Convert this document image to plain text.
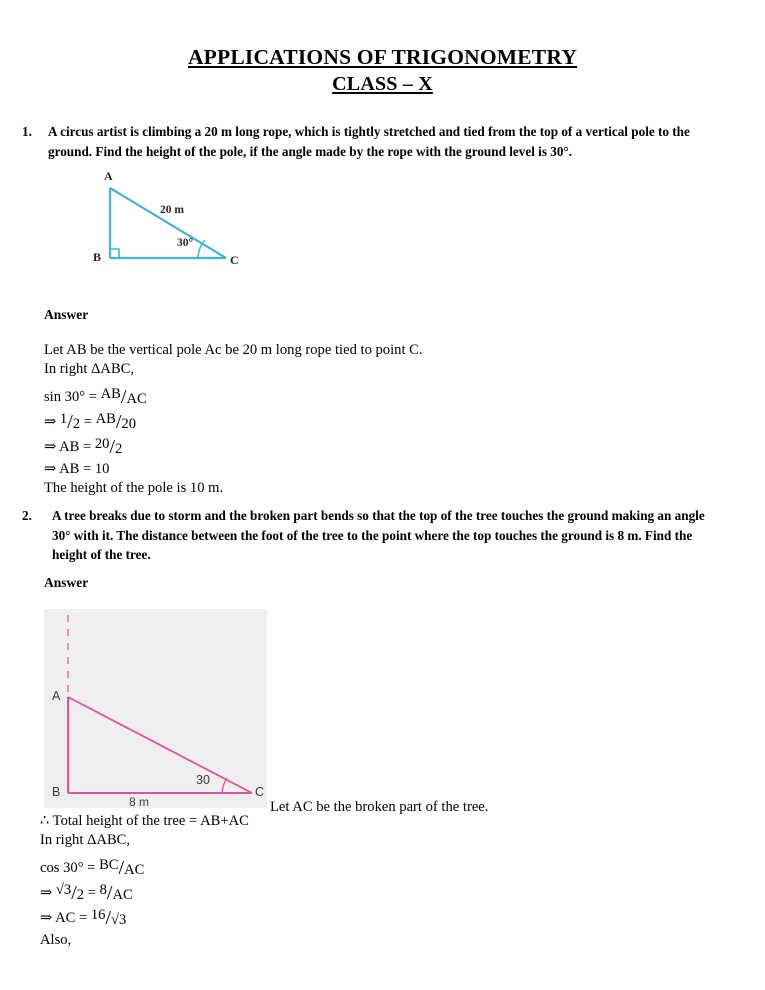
APPLICATIONS OF TRIGONOMETRY
CLASS – X
1.	A circus artist is climbing a 20 m long rope, which is tightly stretched and tied from the top of a vertical pole to the ground. Find the height of the pole, if the angle made by the rope with the ground level is 30°.
A
B	C
20 m
30°
Answer
Let AB be the vertical pole Ac be 20 m long rope tied to point C.
In right ΔABC,
sin 30° = AB/AC
⇒ 1/2 = AB/20
⇒ AB = 20/2
⇒ AB = 10
The height of the pole is 10 m.
2.	A tree breaks due to storm and the broken part bends so that the top of the tree touches the ground making an angle 30° with it. The distance between the foot of the tree to the point where the top touches the ground is 8 m. Find the height of the tree.
Answer
A
B	C
8 m
30
Let AC be the broken part of the tree.
∴ Total height of the tree = AB+AC
In right ΔABC,
cos 30° = BC/AC
⇒ √3/2 = 8/AC
⇒ AC = 16/√3
Also,
